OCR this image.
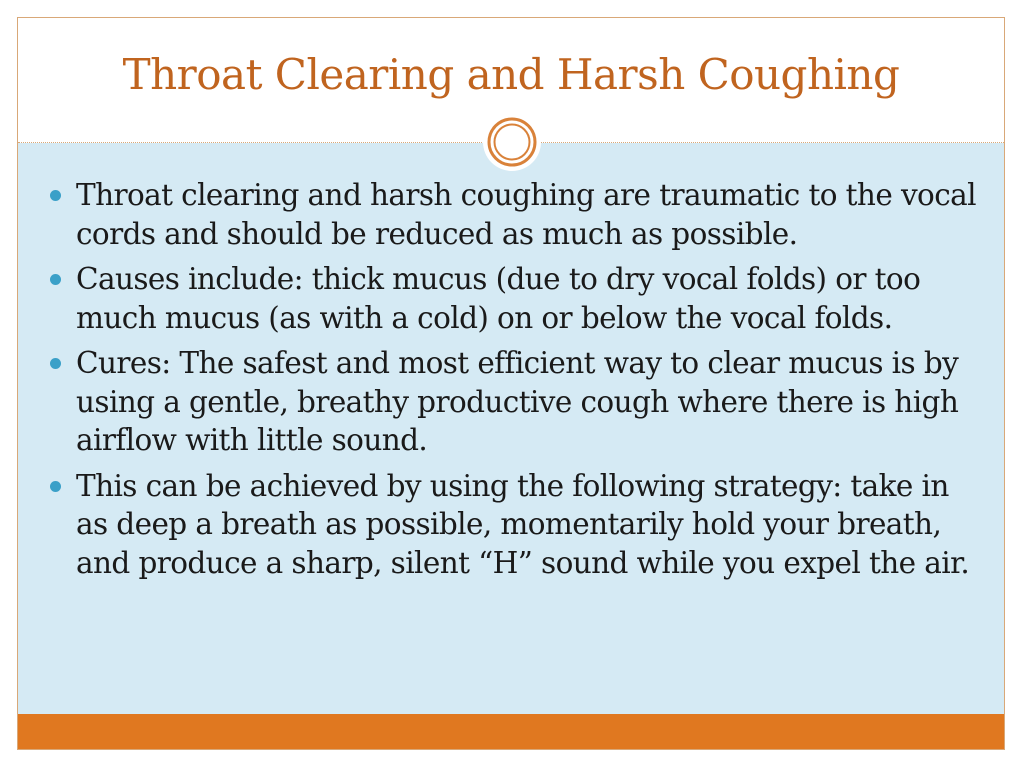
Throat Clearing and Harsh Coughing
Throat clearing and harsh coughing are traumatic to the vocal cords and should be reduced as much as possible.
Causes include: thick mucus (due to dry vocal folds) or too much mucus (as with a cold) on or below the vocal folds.
Cures: The safest and most efficient way to clear mucus is by using a gentle, breathy productive cough where there is high airflow with little sound.
This can be achieved by using the following strategy: take in as deep a breath as possible, momentarily hold your breath, and produce a sharp, silent “H” sound while you expel the air.
